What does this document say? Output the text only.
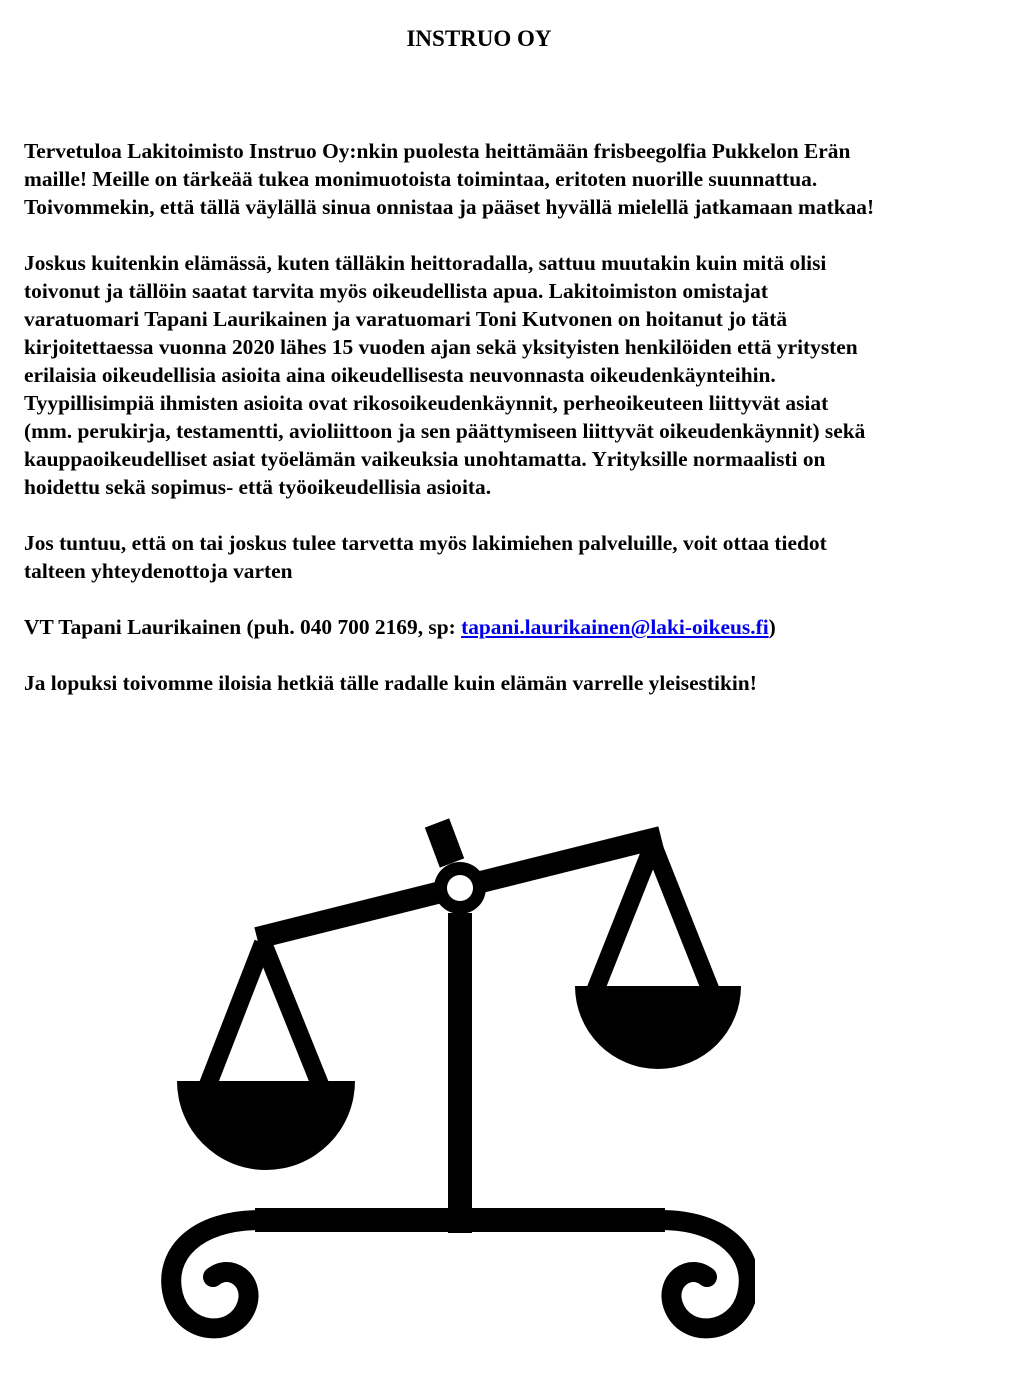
INSTRUO OY

Tervetuloa Lakitoimisto Instruo Oy:nkin puolesta heittämään frisbeegolfia Pukkelon Erän
maille! Meille on tärkeää tukea monimuotoista toimintaa, eritoten nuorille suunnattua.
Toivommekin, että tällä väylällä sinua onnistaa ja pääset hyvällä mielellä jatkamaan matkaa!

Joskus kuitenkin elämässä, kuten tälläkin heittoradalla, sattuu muutakin kuin mitä olisi
toivonut ja tällöin saatat tarvita myös oikeudellista apua. Lakitoimiston omistajat
varatuomari Tapani Laurikainen ja varatuomari Toni Kutvonen on hoitanut jo tätä
kirjoitettaessa vuonna 2020 lähes 15 vuoden ajan sekä yksityisten henkilöiden että yritysten
erilaisia oikeudellisia asioita aina oikeudellisesta neuvonnasta oikeudenkäynteihin.
Tyypillisimpiä ihmisten asioita ovat rikosoikeudenkäynnit, perheoikeuteen liittyvät asiat
(mm. perukirja, testamentti, avioliittoon ja sen päättymiseen liittyvät oikeudenkäynnit) sekä
kauppaoikeudelliset asiat työelämän vaikeuksia unohtamatta. Yrityksille normaalisti on
hoidettu sekä sopimus- että työoikeudellisia asioita.

Jos tuntuu, että on tai joskus tulee tarvetta myös lakimiehen palveluille, voit ottaa tiedot
talteen yhteydenottoja varten

VT Tapani Laurikainen (puh. 040 700 2169, sp: tapani.laurikainen@laki-oikeus.fi)

Ja lopuksi toivomme iloisia hetkiä tälle radalle kuin elämän varrelle yleisestikin!
